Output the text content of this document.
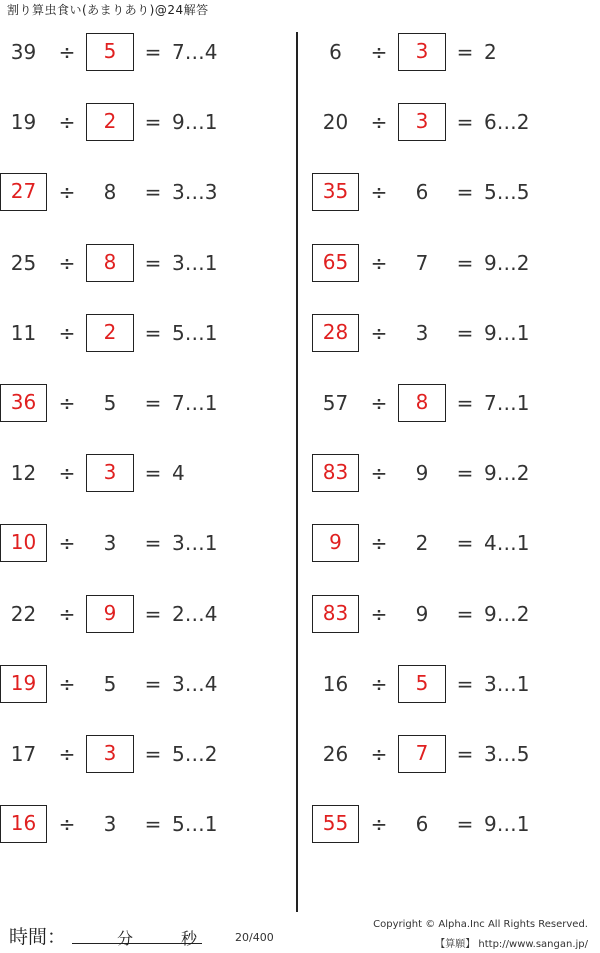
割り算虫食い(あまりあり)@24解答
39	÷	5	= 7…4
19	÷	2	= 9…1
27	÷	8	= 3…3
25	÷	8	= 3…1
11	÷	2	= 5…1
36	÷	5	= 7…1
12	÷	3	= 4
10	÷	3	= 3…1
22	÷	9	= 2…4
19	÷	5	= 3…4
17	÷	3	= 5…2
16	÷	3	= 5…1
6	÷	3	= 2
20	÷	3	= 6…2
35	÷	6	= 5…5
65	÷	7	= 9…2
28	÷	3	= 9…1
57	÷	8	= 7…1
83	÷	9	= 9…2
9	÷	2	= 4…1
83	÷	9	= 9…2
16	÷	5	= 3…1
26	÷	7	= 3…5
55	÷	6	= 9…1
時間：	分	秒	20/400
Copyright © Alpha.Inc All Rights Reserved.
【算願】 http://www.sangan.jp/
